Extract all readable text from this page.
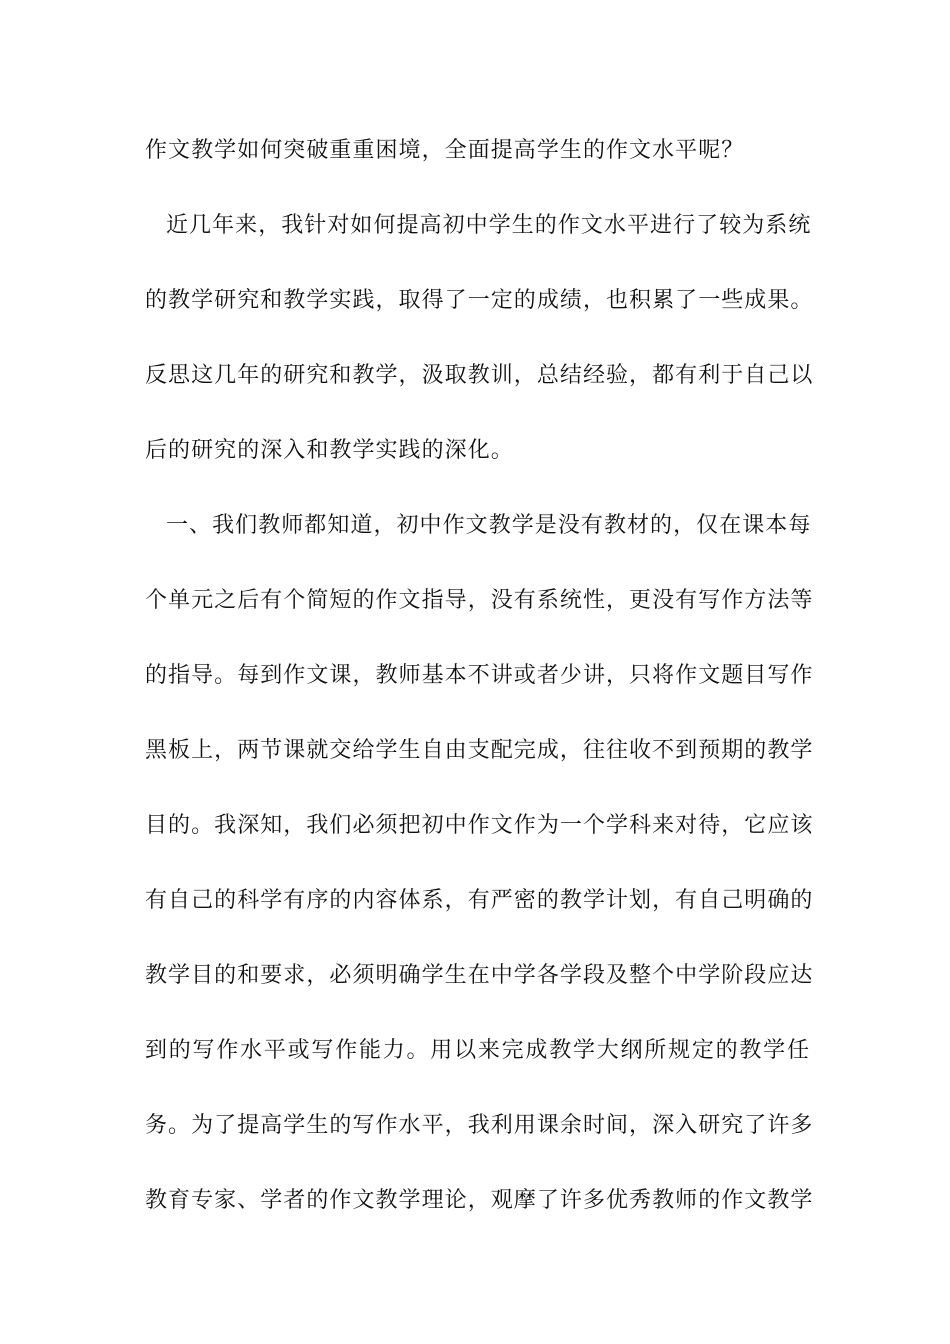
作文教学如何突破重重困境，全面提高学生的作文水平呢？
近几年来，我针对如何提高初中学生的作文水平进行了较为系统
的教学研究和教学实践，取得了一定的成绩，也积累了一些成果。
反思这几年的研究和教学，汲取教训，总结经验，都有利于自己以
后的研究的深入和教学实践的深化。
一、我们教师都知道，初中作文教学是没有教材的，仅在课本每
个单元之后有个简短的作文指导，没有系统性，更没有写作方法等
的指导。每到作文课，教师基本不讲或者少讲，只将作文题目写作
黑板上，两节课就交给学生自由支配完成，往往收不到预期的教学
目的。我深知，我们必须把初中作文作为一个学科来对待，它应该
有自己的科学有序的内容体系，有严密的教学计划，有自己明确的
教学目的和要求，必须明确学生在中学各学段及整个中学阶段应达
到的写作水平或写作能力。用以来完成教学大纲所规定的教学任
务。为了提高学生的写作水平，我利用课余时间，深入研究了许多
教育专家、学者的作文教学理论，观摩了许多优秀教师的作文教学
